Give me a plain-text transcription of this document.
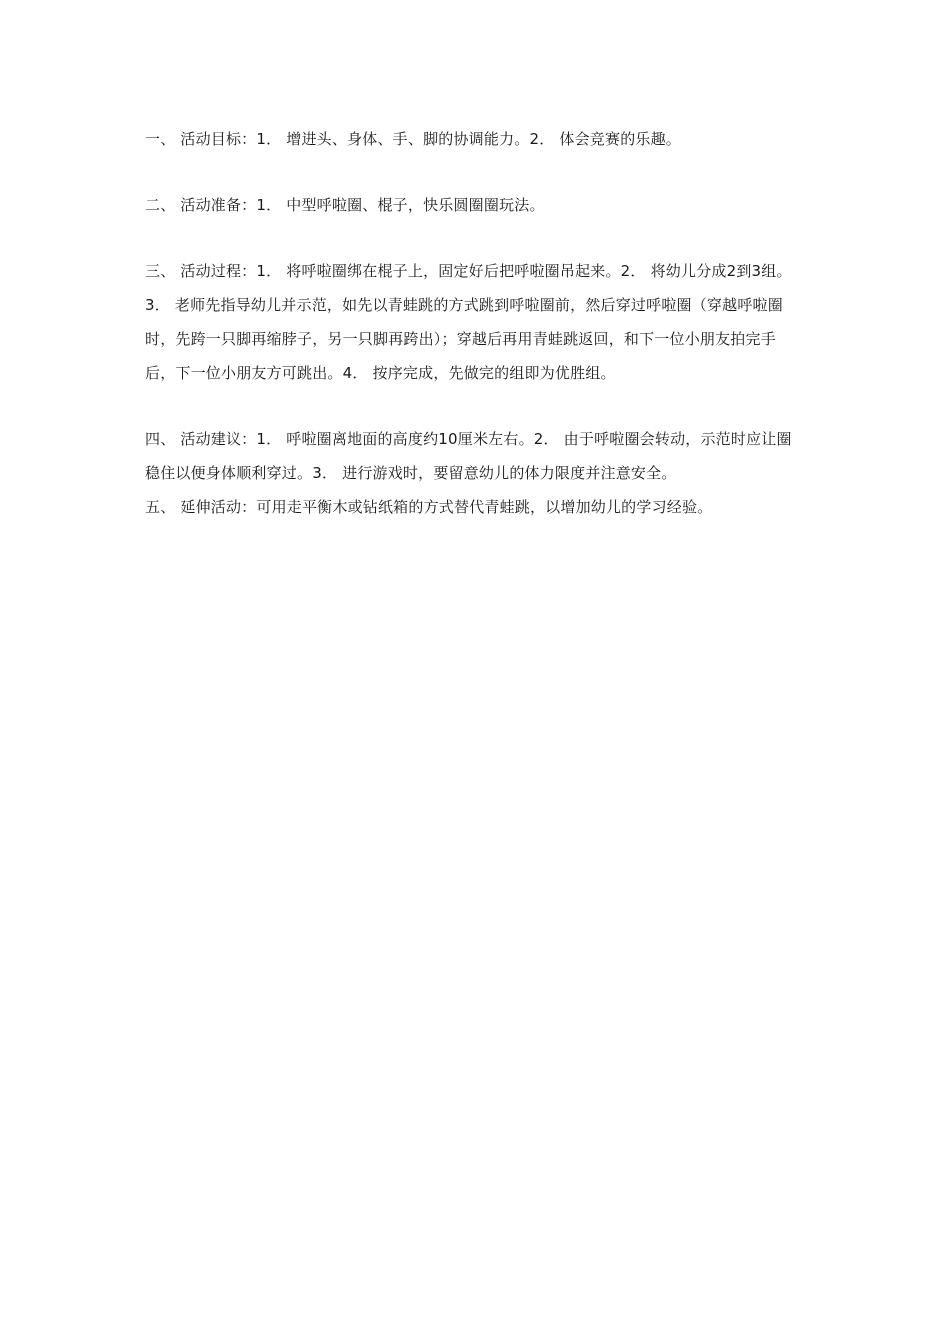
一、 活动目标：1． 增进头、身体、手、脚的协调能力。2． 体会竞赛的乐趣。

二、 活动准备：1． 中型呼啦圈、棍子，快乐圆圈圈玩法。

三、 活动过程：1． 将呼啦圈绑在棍子上，固定好后把呼啦圈吊起来。2． 将幼儿分成2到3组。3． 老师先指导幼儿并示范，如先以青蛙跳的方式跳到呼啦圈前，然后穿过呼啦圈（穿越呼啦圈时，先跨一只脚再缩脖子，另一只脚再跨出）；穿越后再用青蛙跳返回，和下一位小朋友拍完手后，下一位小朋友方可跳出。4． 按序完成，先做完的组即为优胜组。

四、 活动建议：1． 呼啦圈离地面的高度约10厘米左右。2． 由于呼啦圈会转动，示范时应让圈稳住以便身体顺利穿过。3． 进行游戏时，要留意幼儿的体力限度并注意安全。

五、 延伸活动：可用走平衡木或钻纸箱的方式替代青蛙跳，以增加幼儿的学习经验。
